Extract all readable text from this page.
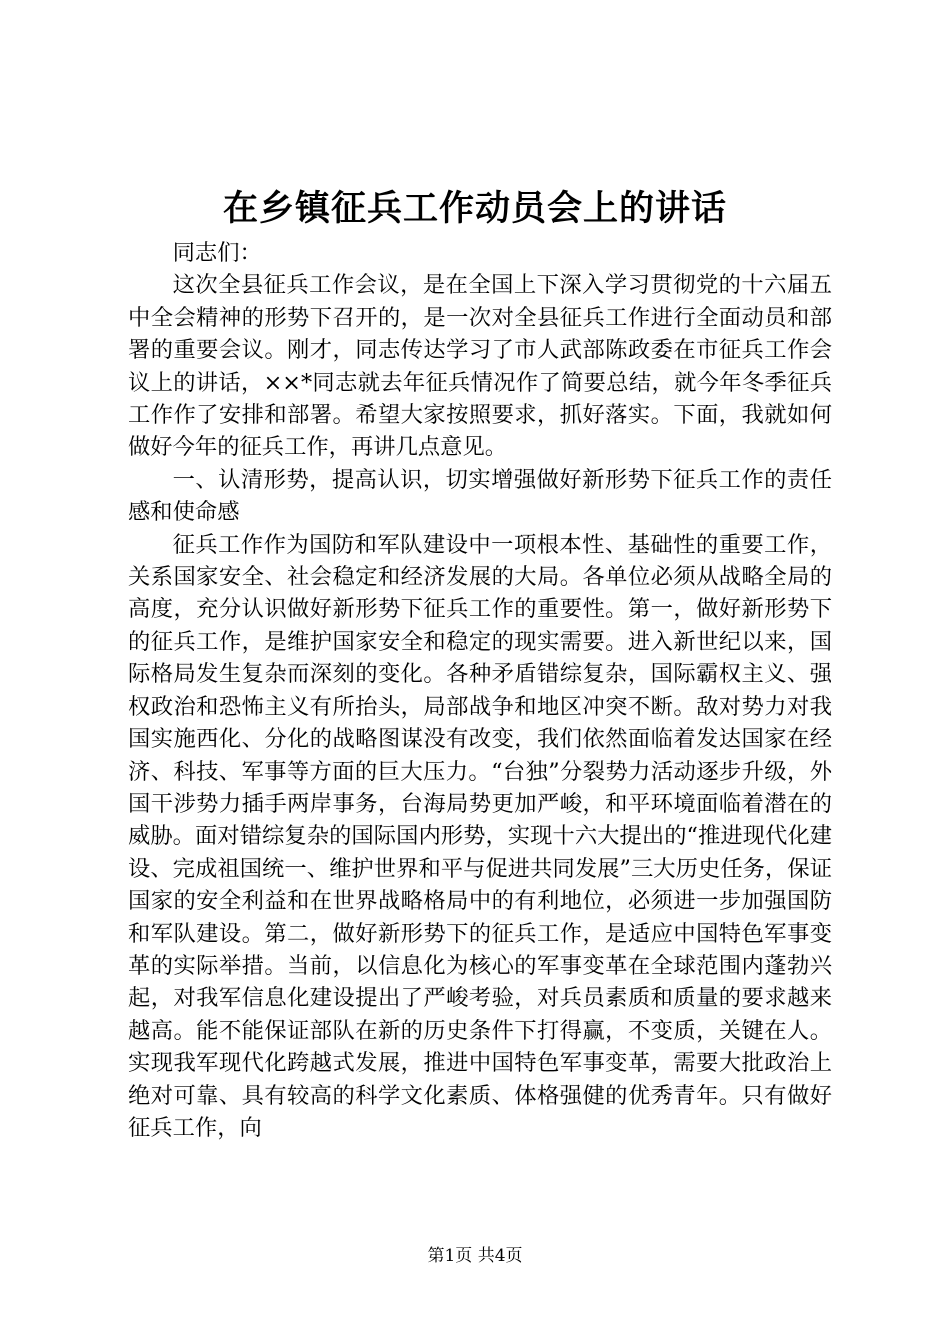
在乡镇征兵工作动员会上的讲话

同志们：

这次全县征兵工作会议，是在全国上下深入学习贯彻党的十六届五中全会精神的形势下召开的，是一次对全县征兵工作进行全面动员和部署的重要会议。刚才，同志传达学习了市人武部陈政委在市征兵工作会议上的讲话，××*同志就去年征兵情况作了简要总结，就今年冬季征兵工作作了安排和部署。希望大家按照要求，抓好落实。下面，我就如何做好今年的征兵工作，再讲几点意见。

一、认清形势，提高认识，切实增强做好新形势下征兵工作的责任感和使命感

征兵工作作为国防和军队建设中一项根本性、基础性的重要工作，关系国家安全、社会稳定和经济发展的大局。各单位必须从战略全局的高度，充分认识做好新形势下征兵工作的重要性。第一，做好新形势下的征兵工作，是维护国家安全和稳定的现实需要。进入新世纪以来，国际格局发生复杂而深刻的变化。各种矛盾错综复杂，国际霸权主义、强权政治和恐怖主义有所抬头，局部战争和地区冲突不断。敌对势力对我国实施西化、分化的战略图谋没有改变，我们依然面临着发达国家在经济、科技、军事等方面的巨大压力。“台独”分裂势力活动逐步升级，外国干涉势力插手两岸事务，台海局势更加严峻，和平环境面临着潜在的威胁。面对错综复杂的国际国内形势，实现十六大提出的“推进现代化建设、完成祖国统一、维护世界和平与促进共同发展”三大历史任务，保证国家的安全利益和在世界战略格局中的有利地位，必须进一步加强国防和军队建设。第二，做好新形势下的征兵工作，是适应中国特色军事变革的实际举措。当前，以信息化为核心的军事变革在全球范围内蓬勃兴起，对我军信息化建设提出了严峻考验，对兵员素质和质量的要求越来越高。能不能保证部队在新的历史条件下打得赢，不变质，关键在人。实现我军现代化跨越式发展，推进中国特色军事变革，需要大批政治上绝对可靠、具有较高的科学文化素质、体格强健的优秀青年。只有做好征兵工作，向

第1页 共4页
